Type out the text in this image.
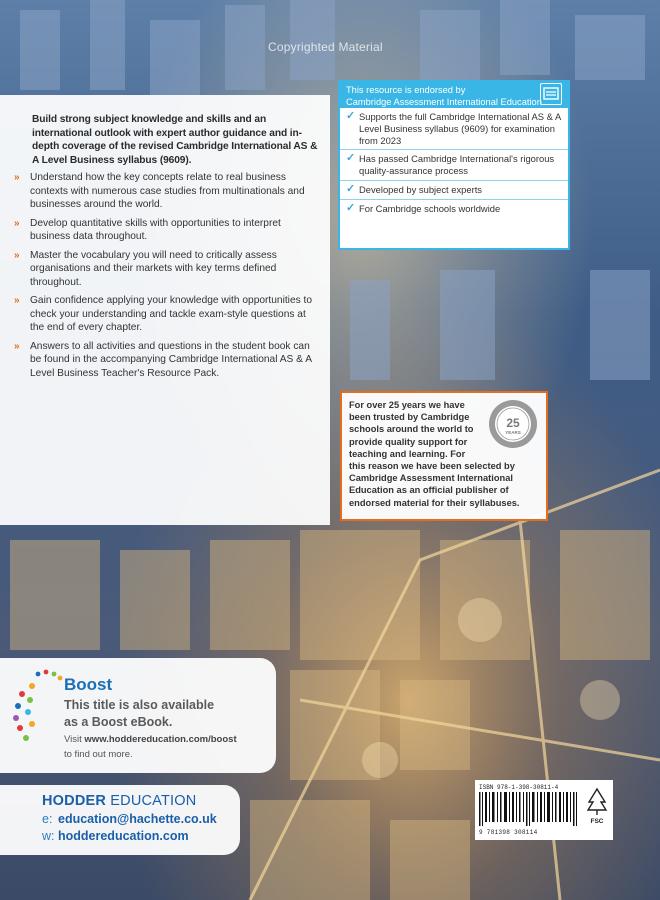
Copyrighted Material

Build strong subject knowledge and skills and an international outlook with expert author guidance and in-depth coverage of the revised Cambridge International AS & A Level Business syllabus (9609).

»	Understand how the key concepts relate to real business contexts with numerous case studies from multinationals and businesses around the world.
»	Develop quantitative skills with opportunities to interpret business data throughout.
»	Master the vocabulary you will need to critically assess organisations and their markets with key terms defined throughout.
»	Gain confidence applying your knowledge with opportunities to check your understanding and tackle exam-style questions at the end of every chapter.
»	Answers to all activities and questions in the student book can be found in the accompanying Cambridge International AS & A Level Business Teacher's Resource Pack.
This resource is endorsed by
Cambridge Assessment International Education
✓ Supports the full Cambridge International AS & A Level Business syllabus (9609) for examination from 2023
✓ Has passed Cambridge International's rigorous quality-assurance process
✓ Developed by subject experts
✓ For Cambridge schools worldwide
For over 25 years we have
been trusted by Cambridge
schools around the world to
provide quality support for
teaching and learning. For
this reason we have been selected by
Cambridge Assessment International
Education as an official publisher of
endorsed material for their syllabuses.
25
YEARS
Boost
This title is also available
as a Boost eBook.
Visit www.hoddereducation.com/boost
to find out more.
HODDER EDUCATION
e: education@hachette.co.uk
w: hoddereducation.com
ISBN 978-1-398-30811-4
9 781398 308114
FSC
